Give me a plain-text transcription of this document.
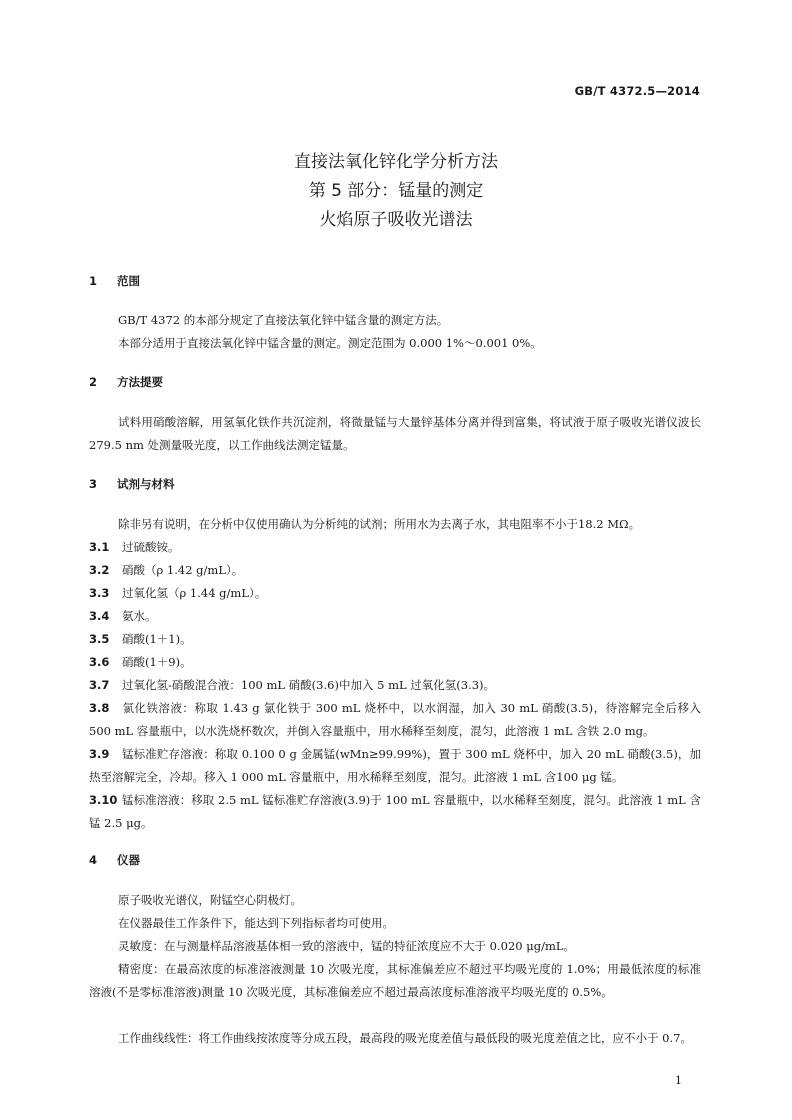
GB/T 4372.5—2014
直接法氧化锌化学分析方法
第 5 部分：锰量的测定
火焰原子吸收光谱法
1 范围
GB/T 4372 的本部分规定了直接法氧化锌中锰含量的测定方法。
本部分适用于直接法氧化锌中锰含量的测定。测定范围为 0.000 1%～0.001 0%。
2 方法提要
试料用硝酸溶解，用氢氧化铁作共沉淀剂，将微量锰与大量锌基体分离并得到富集，将试液于原子吸收光谱仪波长 279.5 nm 处测量吸光度，以工作曲线法测定锰量。
3 试剂与材料
除非另有说明，在分析中仅使用确认为分析纯的试剂；所用水为去离子水，其电阻率不小于18.2 MΩ。
3.1 过硫酸铵。
3.2 硝酸（ρ 1.42 g/mL）。
3.3 过氧化氢（ρ 1.44 g/mL）。
3.4 氨水。
3.5 硝酸(1＋1)。
3.6 硝酸(1＋9)。
3.7 过氧化氢-硝酸混合液：100 mL 硝酸(3.6)中加入 5 mL 过氧化氢(3.3)。
3.8 氯化铁溶液：称取 1.43 g 氯化铁于 300 mL 烧杯中，以水润湿，加入 30 mL 硝酸(3.5)，待溶解完全后移入 500 mL 容量瓶中，以水洗烧杯数次，并倒入容量瓶中，用水稀释至刻度，混匀，此溶液 1 mL 含铁 2.0 mg。
3.9 锰标准贮存溶液：称取 0.100 0 g 金属锰(wMn≥99.99%)，置于 300 mL 烧杯中，加入 20 mL 硝酸(3.5)，加热至溶解完全，冷却。移入 1 000 mL 容量瓶中，用水稀释至刻度，混匀。此溶液 1 mL 含100 μg 锰。
3.10 锰标准溶液：移取 2.5 mL 锰标准贮存溶液(3.9)于 100 mL 容量瓶中，以水稀释至刻度，混匀。此溶液 1 mL 含锰 2.5 μg。
4 仪器
原子吸收光谱仪，附锰空心阴极灯。
在仪器最佳工作条件下，能达到下列指标者均可使用。
灵敏度：在与测量样品溶液基体相一致的溶液中，锰的特征浓度应不大于 0.020 μg/mL。
精密度：在最高浓度的标准溶液测量 10 次吸光度，其标准偏差应不超过平均吸光度的 1.0%；用最低浓度的标准溶液(不是零标准溶液)测量 10 次吸光度，其标准偏差应不超过最高浓度标准溶液平均吸光度的 0.5%。
工作曲线线性：将工作曲线按浓度等分成五段，最高段的吸光度差值与最低段的吸光度差值之比，应不小于 0.7。
1
